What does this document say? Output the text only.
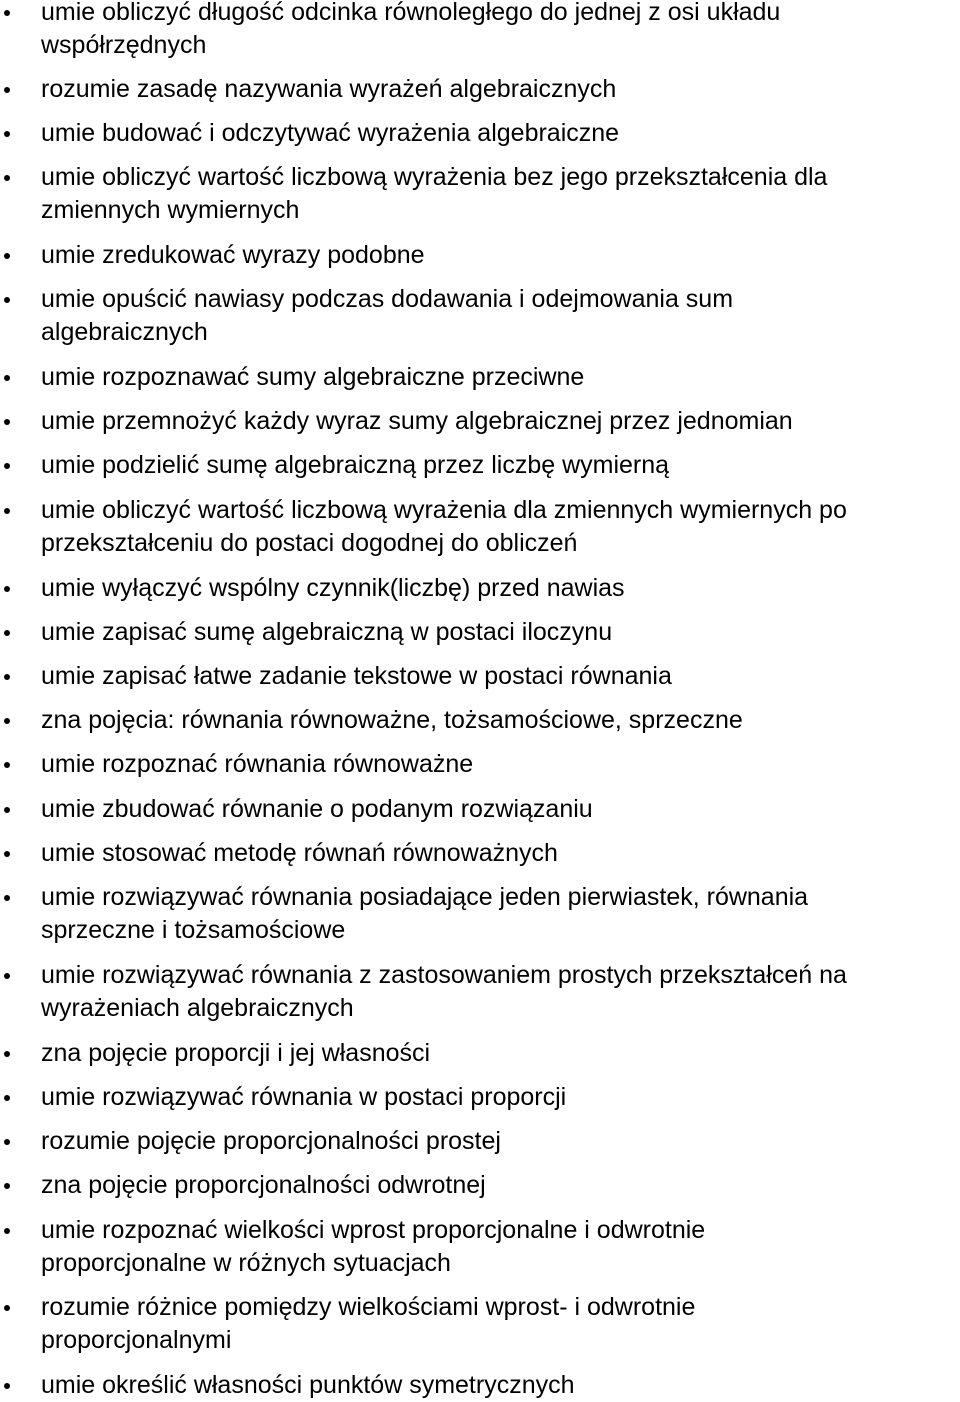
umie obliczyć długość odcinka równoległego do jednej z osi układu
współrzędnych
rozumie zasadę nazywania wyrażeń algebraicznych
umie budować i odczytywać wyrażenia algebraiczne
umie obliczyć wartość liczbową wyrażenia bez jego przekształcenia dla
zmiennych wymiernych
umie zredukować wyrazy podobne
umie opuścić nawiasy podczas dodawania i odejmowania sum
algebraicznych
umie rozpoznawać sumy algebraiczne przeciwne
umie przemnożyć każdy wyraz sumy algebraicznej przez jednomian
umie podzielić sumę algebraiczną przez liczbę wymierną
umie obliczyć wartość liczbową wyrażenia dla zmiennych wymiernych po
przekształceniu do postaci dogodnej do obliczeń
umie wyłączyć wspólny czynnik(liczbę) przed nawias
umie zapisać sumę algebraiczną w postaci iloczynu
umie zapisać łatwe zadanie tekstowe w postaci równania
zna pojęcia: równania równoważne, tożsamościowe, sprzeczne
umie rozpoznać równania równoważne
umie zbudować równanie o podanym rozwiązaniu
umie stosować metodę równań równoważnych
umie rozwiązywać równania posiadające jeden pierwiastek, równania
sprzeczne i tożsamościowe
umie rozwiązywać równania z zastosowaniem prostych przekształceń na
wyrażeniach algebraicznych
zna pojęcie proporcji i jej własności
umie rozwiązywać równania w postaci proporcji
rozumie pojęcie proporcjonalności prostej
zna pojęcie proporcjonalności odwrotnej
umie rozpoznać wielkości wprost proporcjonalne i odwrotnie
proporcjonalne w różnych sytuacjach
rozumie różnice pomiędzy wielkościami wprost- i odwrotnie
proporcjonalnymi
umie określić własności punktów symetrycznych
